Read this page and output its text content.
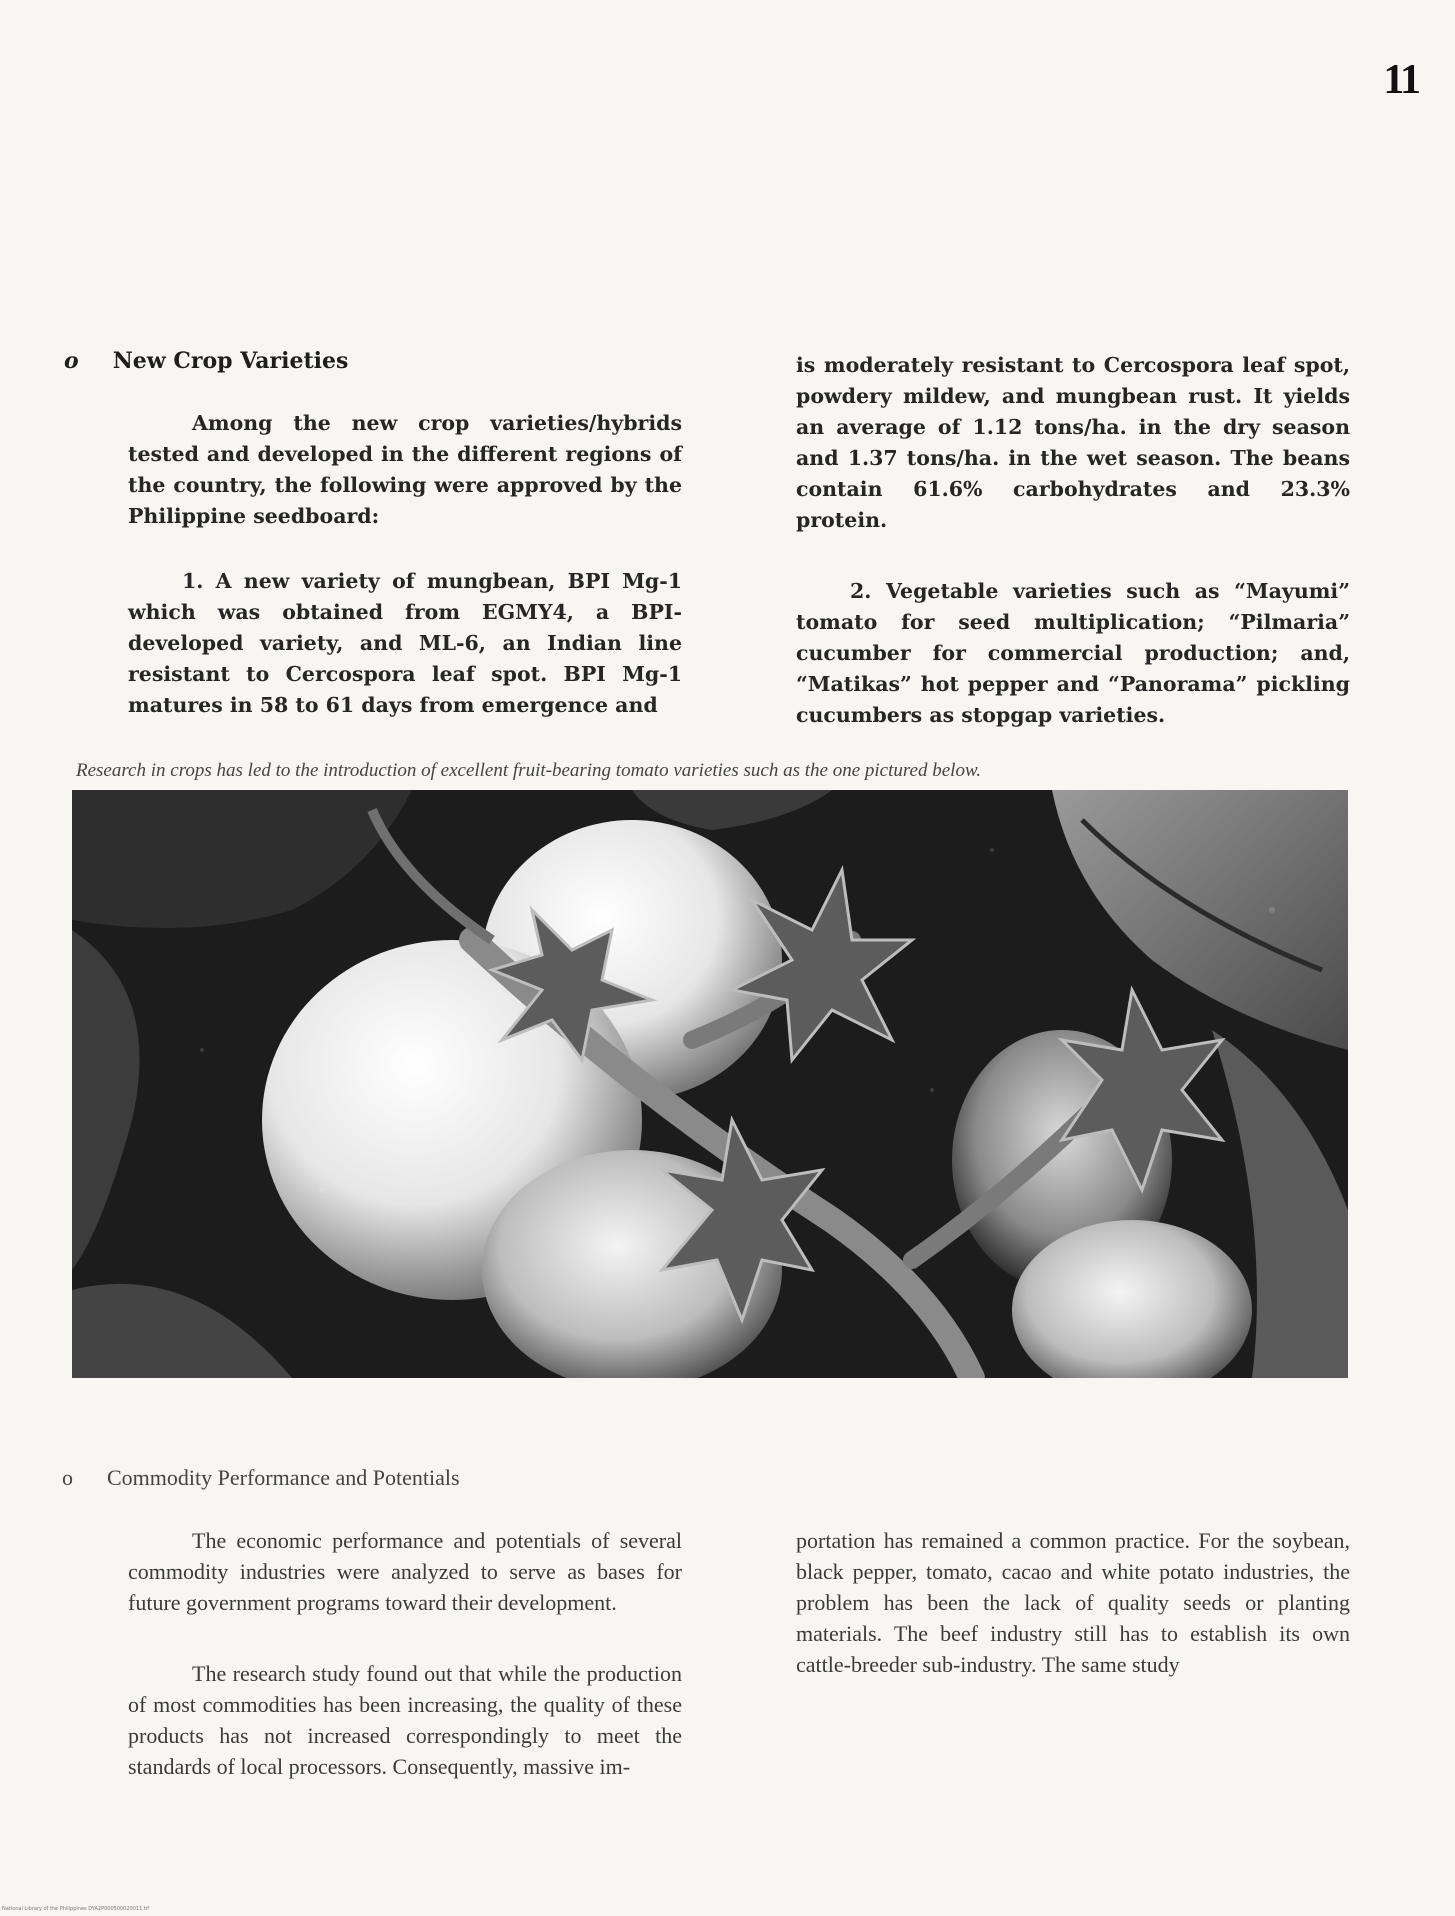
11
o New Crop Varieties

Among the new crop varieties/hybrids tested and developed in the different regions of the country, the following were approved by the Philippine seedboard:

1. A new variety of mungbean, BPI Mg-1 which was obtained from EGMY4, a BPI-developed variety, and ML-6, an Indian line resistant to Cercospora leaf spot. BPI Mg-1 matures in 58 to 61 days from emergence and

is moderately resistant to Cercospora leaf spot, powdery mildew, and mungbean rust. It yields an average of 1.12 tons/ha. in the dry season and 1.37 tons/ha. in the wet season. The beans contain 61.6% carbohydrates and 23.3% protein.

2. Vegetable varieties such as “Mayumi” tomato for seed multiplication; “Pilmaria” cucumber for commercial production; and, “Matikas” hot pepper and “Panorama” pickling cucumbers as stopgap varieties.

Research in crops has led to the introduction of excellent fruit-bearing tomato varieties such as the one pictured below.
o Commodity Performance and Potentials

The economic performance and potentials of several commodity industries were analyzed to serve as bases for future government programs toward their development.

The research study found out that while the production of most commodities has been increasing, the quality of these products has not increased correspondingly to meet the standards of local processors. Consequently, massive im-

portation has remained a common practice. For the soybean, black pepper, tomato, cacao and white potato industries, the problem has been the lack of quality seeds or planting materials. The beef industry still has to establish its own cattle-breeder sub-industry. The same study

National Library of the Philippines DYA2P000500020011.tif
